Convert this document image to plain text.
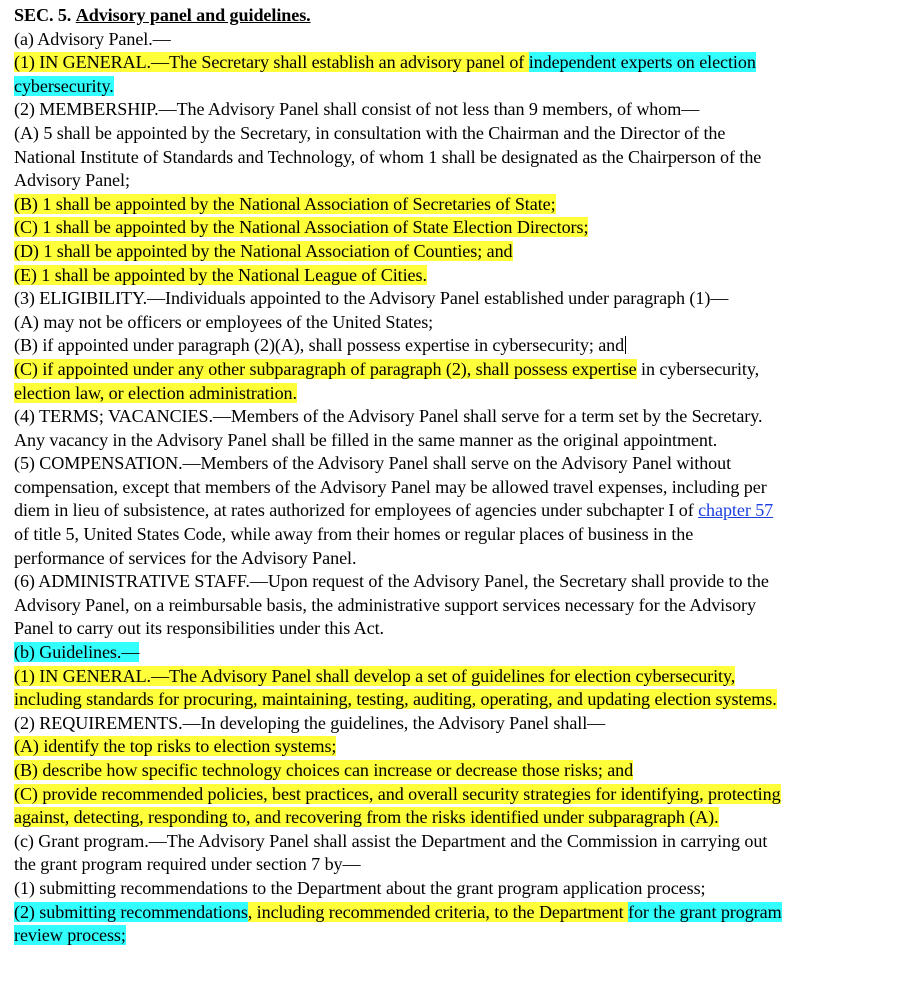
SEC. 5. Advisory panel and guidelines.
(a) Advisory Panel.—
(1) IN GENERAL.—The Secretary shall establish an advisory panel of independent experts on election
cybersecurity.
(2) MEMBERSHIP.—The Advisory Panel shall consist of not less than 9 members, of whom—
(A) 5 shall be appointed by the Secretary, in consultation with the Chairman and the Director of the
National Institute of Standards and Technology, of whom 1 shall be designated as the Chairperson of the
Advisory Panel;
(B) 1 shall be appointed by the National Association of Secretaries of State;
(C) 1 shall be appointed by the National Association of State Election Directors;
(D) 1 shall be appointed by the National Association of Counties; and
(E) 1 shall be appointed by the National League of Cities.
(3) ELIGIBILITY.—Individuals appointed to the Advisory Panel established under paragraph (1)—
(A) may not be officers or employees of the United States;
(B) if appointed under paragraph (2)(A), shall possess expertise in cybersecurity; and
(C) if appointed under any other subparagraph of paragraph (2), shall possess expertise in cybersecurity,
election law, or election administration.
(4) TERMS; VACANCIES.—Members of the Advisory Panel shall serve for a term set by the Secretary.
Any vacancy in the Advisory Panel shall be filled in the same manner as the original appointment.
(5) COMPENSATION.—Members of the Advisory Panel shall serve on the Advisory Panel without
compensation, except that members of the Advisory Panel may be allowed travel expenses, including per
diem in lieu of subsistence, at rates authorized for employees of agencies under subchapter I of chapter 57
of title 5, United States Code, while away from their homes or regular places of business in the
performance of services for the Advisory Panel.
(6) ADMINISTRATIVE STAFF.—Upon request of the Advisory Panel, the Secretary shall provide to the
Advisory Panel, on a reimbursable basis, the administrative support services necessary for the Advisory
Panel to carry out its responsibilities under this Act.
(b) Guidelines.—
(1) IN GENERAL.—The Advisory Panel shall develop a set of guidelines for election cybersecurity,
including standards for procuring, maintaining, testing, auditing, operating, and updating election systems.
(2) REQUIREMENTS.—In developing the guidelines, the Advisory Panel shall—
(A) identify the top risks to election systems;
(B) describe how specific technology choices can increase or decrease those risks; and
(C) provide recommended policies, best practices, and overall security strategies for identifying, protecting
against, detecting, responding to, and recovering from the risks identified under subparagraph (A).
(c) Grant program.—The Advisory Panel shall assist the Department and the Commission in carrying out
the grant program required under section 7 by—
(1) submitting recommendations to the Department about the grant program application process;
(2) submitting recommendations, including recommended criteria, to the Department for the grant program
review process;
